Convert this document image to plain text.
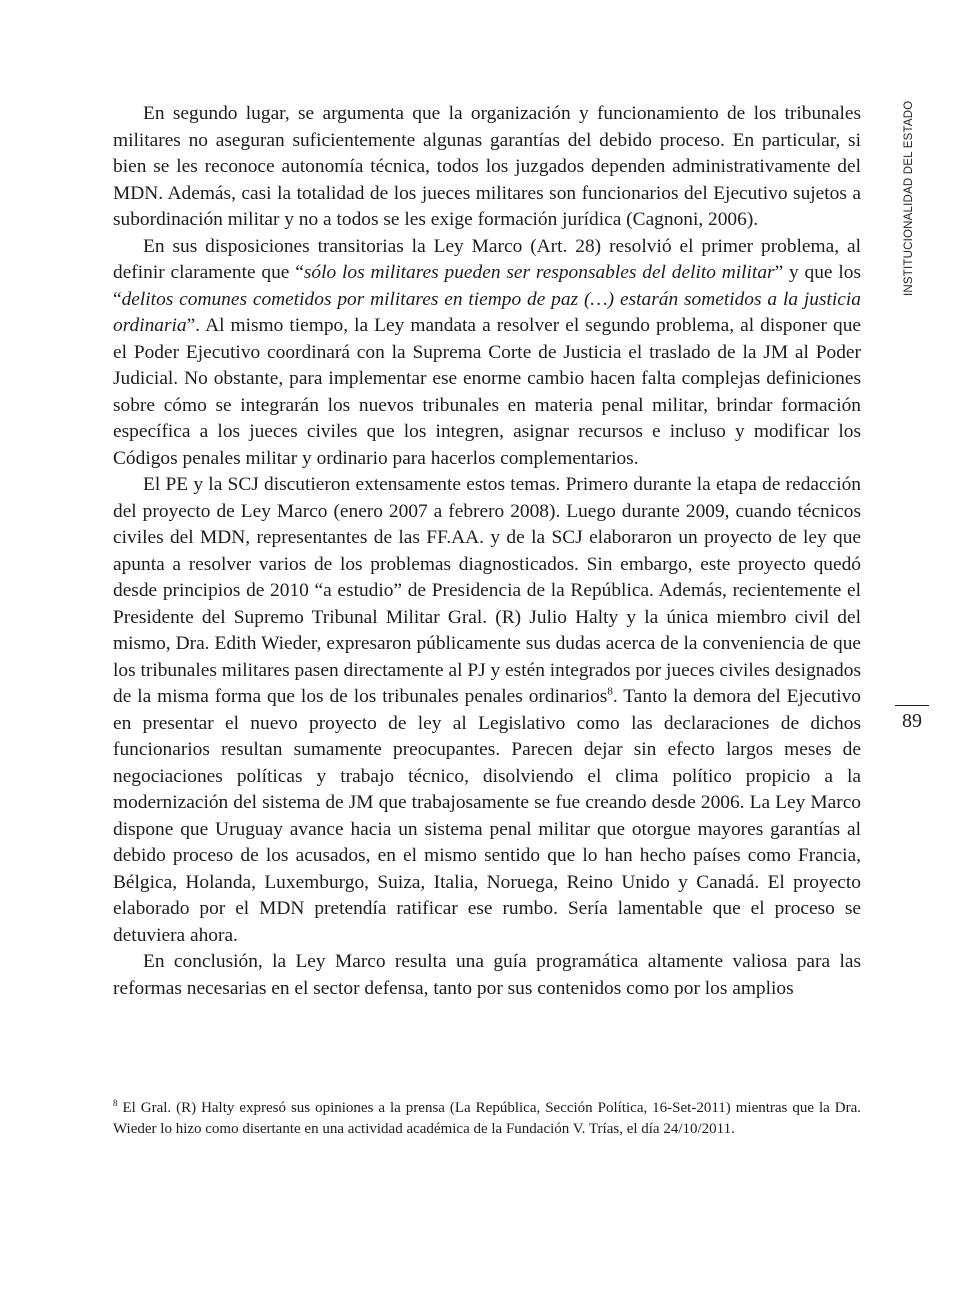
En segundo lugar, se argumenta que la organización y funcionamiento de los tribunales militares no aseguran suficientemente algunas garantías del debido proceso. En particular, si bien se les reconoce autonomía técnica, todos los juzgados dependen administrativamente del MDN. Además, casi la totalidad de los jueces militares son funcionarios del Ejecutivo sujetos a subordinación militar y no a todos se les exige formación jurídica (Cagnoni, 2006).

En sus disposiciones transitorias la Ley Marco (Art. 28) resolvió el primer problema, al definir claramente que “sólo los militares pueden ser responsables del delito militar” y que los “delitos comunes cometidos por militares en tiempo de paz (…) estarán sometidos a la justicia ordinaria”. Al mismo tiempo, la Ley mandata a resolver el segundo problema, al disponer que el Poder Ejecutivo coordinará con la Suprema Corte de Justicia el traslado de la JM al Poder Judicial. No obstante, para implementar ese enorme cambio hacen falta complejas definiciones sobre cómo se integrarán los nuevos tribunales en materia penal militar, brindar formación específica a los jueces civiles que los integren, asignar recursos e incluso y modificar los Códigos penales militar y ordinario para hacerlos complementarios.

El PE y la SCJ discutieron extensamente estos temas. Primero durante la etapa de redacción del proyecto de Ley Marco (enero 2007 a febrero 2008). Luego durante 2009, cuando técnicos civiles del MDN, representantes de las FF.AA. y de la SCJ elaboraron un proyecto de ley que apunta a resolver varios de los problemas diagnosticados. Sin embargo, este proyecto quedó desde principios de 2010 “a estudio” de Presidencia de la República. Además, recientemente el Presidente del Supremo Tribunal Militar Gral. (R) Julio Halty y la única miembro civil del mismo, Dra. Edith Wieder, expresaron públicamente sus dudas acerca de la conveniencia de que los tribunales militares pasen directamente al PJ y estén integrados por jueces civiles designados de la misma forma que los de los tribunales penales ordinarios$^8$. Tanto la demora del Ejecutivo en presentar el nuevo proyecto de ley al Legislativo como las declaraciones de dichos funcionarios resultan sumamente preocupantes. Parecen dejar sin efecto largos meses de negociaciones políticas y trabajo técnico, disolviendo el clima político propicio a la modernización del sistema de JM que trabajosamente se fue creando desde 2006. La Ley Marco dispone que Uruguay avance hacia un sistema penal militar que otorgue mayores garantías al debido proceso de los acusados, en el mismo sentido que lo han hecho países como Francia, Bélgica, Holanda, Luxemburgo, Suiza, Italia, Noruega, Reino Unido y Canadá. El proyecto elaborado por el MDN pretendía ratificar ese rumbo. Sería lamentable que el proceso se detuviera ahora.

En conclusión, la Ley Marco resulta una guía programática altamente valiosa para las reformas necesarias en el sector defensa, tanto por sus contenidos como por los amplios

$^8$ El Gral. (R) Halty expresó sus opiniones a la prensa (La República, Sección Política, 16-Set-2011) mientras que la Dra. Wieder lo hizo como disertante en una actividad académica de la Fundación V. Trías, el día 24/10/​2011.

INSTITUCIONALIDAD DEL ESTADO
89
